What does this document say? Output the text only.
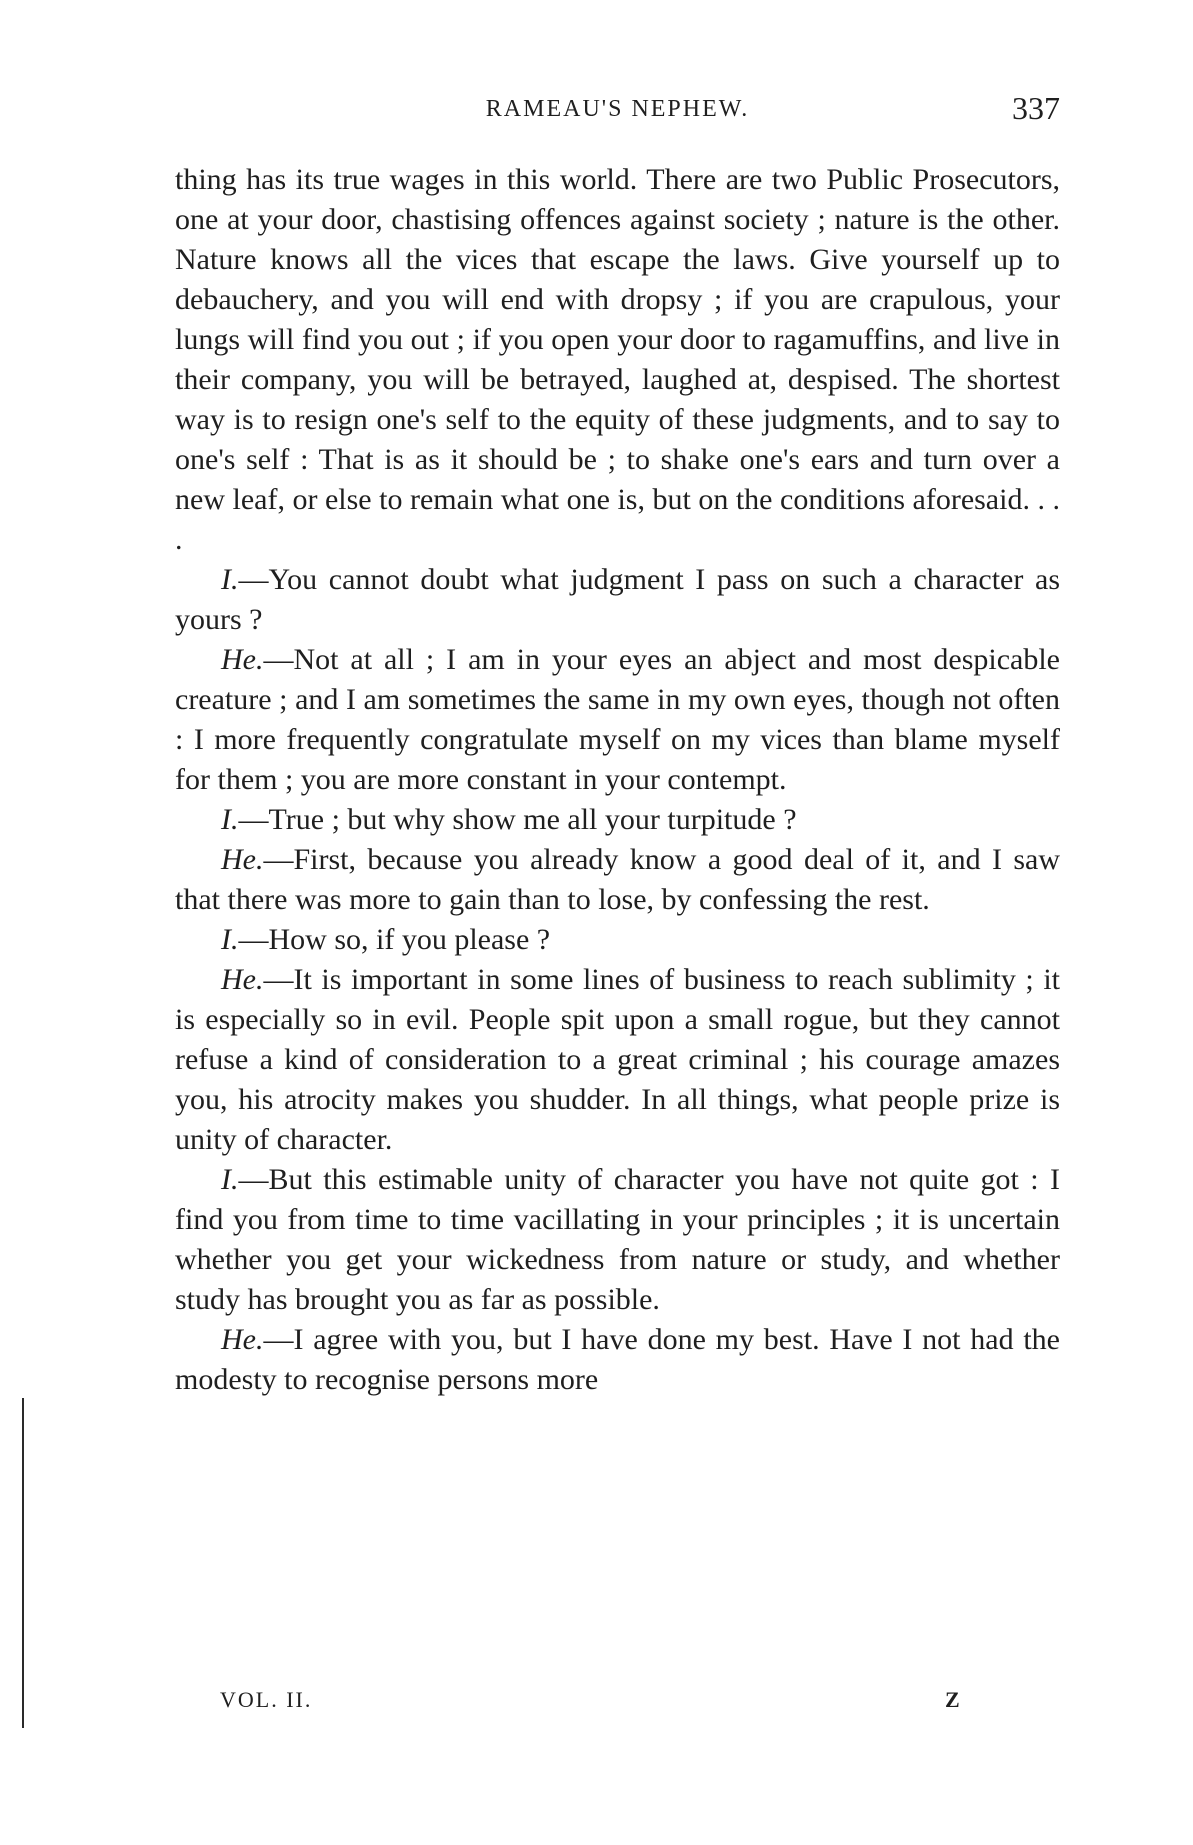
RAMEAU'S NEPHEW.	337

thing has its true wages in this world. There are two Public Prosecutors, one at your door, chastising offences against society ; nature is the other. Nature knows all the vices that escape the laws. Give yourself up to debauchery, and you will end with dropsy ; if you are crapulous, your lungs will find you out ; if you open your door to ragamuffins, and live in their company, you will be betrayed, laughed at, despised. The shortest way is to resign one's self to the equity of these judgments, and to say to one's self : That is as it should be ; to shake one's ears and turn over a new leaf, or else to remain what one is, but on the conditions aforesaid. . . .

I.—You cannot doubt what judgment I pass on such a character as yours ?

He.—Not at all ; I am in your eyes an abject and most despicable creature ; and I am sometimes the same in my own eyes, though not often : I more frequently congratulate myself on my vices than blame myself for them ; you are more constant in your contempt.

I.—True ; but why show me all your turpitude ?

He.—First, because you already know a good deal of it, and I saw that there was more to gain than to lose, by confessing the rest.

I.—How so, if you please ?

He.—It is important in some lines of business to reach sublimity ; it is especially so in evil. People spit upon a small rogue, but they cannot refuse a kind of consideration to a great criminal ; his courage amazes you, his atrocity makes you shudder. In all things, what people prize is unity of character.

I.—But this estimable unity of character you have not quite got : I find you from time to time vacillating in your principles ; it is uncertain whether you get your wickedness from nature or study, and whether study has brought you as far as possible.

He.—I agree with you, but I have done my best. Have I not had the modesty to recognise persons more

VOL. II.	Z
